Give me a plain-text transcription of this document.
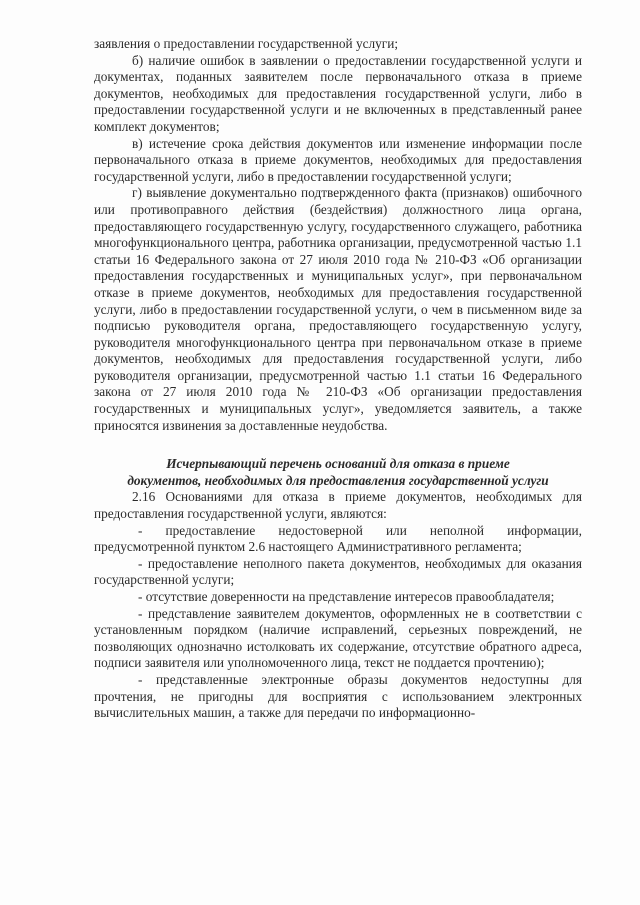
заявления о предоставлении государственной услуги;

б) наличие ошибок в заявлении о предоставлении государственной услуги и документах, поданных заявителем после первоначального отказа в приеме документов, необходимых для предоставления государственной услуги, либо в предоставлении государственной услуги и не включенных в представленный ранее комплект документов;

в) истечение срока действия документов или изменение информации после первоначального отказа в приеме документов, необходимых для предоставления государственной услуги, либо в предоставлении государственной услуги;

г) выявление документально подтвержденного факта (признаков) ошибочного или противоправного действия (бездействия) должностного лица органа, предоставляющего государственную услугу, государственного служащего, работника многофункционального центра, работника организации, предусмотренной частью 1.1 статьи 16 Федерального закона от 27 июля 2010 года № 210-ФЗ «Об организации предоставления государственных и муниципальных услуг», при первоначальном отказе в приеме документов, необходимых для предоставления государственной услуги, либо в предоставлении государственной услуги, о чем в письменном виде за подписью руководителя органа, предоставляющего государственную услугу, руководителя многофункционального центра при первоначальном отказе в приеме документов, необходимых для предоставления государственной услуги, либо руководителя организации, предусмотренной частью 1.1 статьи 16 Федерального закона от 27 июля 2010 года № 210-ФЗ «Об организации предоставления государственных и муниципальных услуг», уведомляется заявитель, а также приносятся извинения за доставленные неудобства.

Исчерпывающий перечень оснований для отказа в приеме
документов, необходимых для предоставления государственной услуги

2.16 Основаниями для отказа в приеме документов, необходимых для предоставления государственной услуги, являются:

- предоставление недостоверной или неполной информации, предусмотренной пунктом 2.6 настоящего Административного регламента;

- предоставление неполного пакета документов, необходимых для оказания государственной услуги;

- отсутствие доверенности на представление интересов правообладателя;

- представление заявителем документов, оформленных не в соответствии с установленным порядком (наличие исправлений, серьезных повреждений, не позволяющих однозначно истолковать их содержание, отсутствие обратного адреса, подписи заявителя или уполномоченного лица, текст не поддается прочтению);

- представленные электронные образы документов недоступны для прочтения, не пригодны для восприятия с использованием электронных вычислительных машин, а также для передачи по информационно-
